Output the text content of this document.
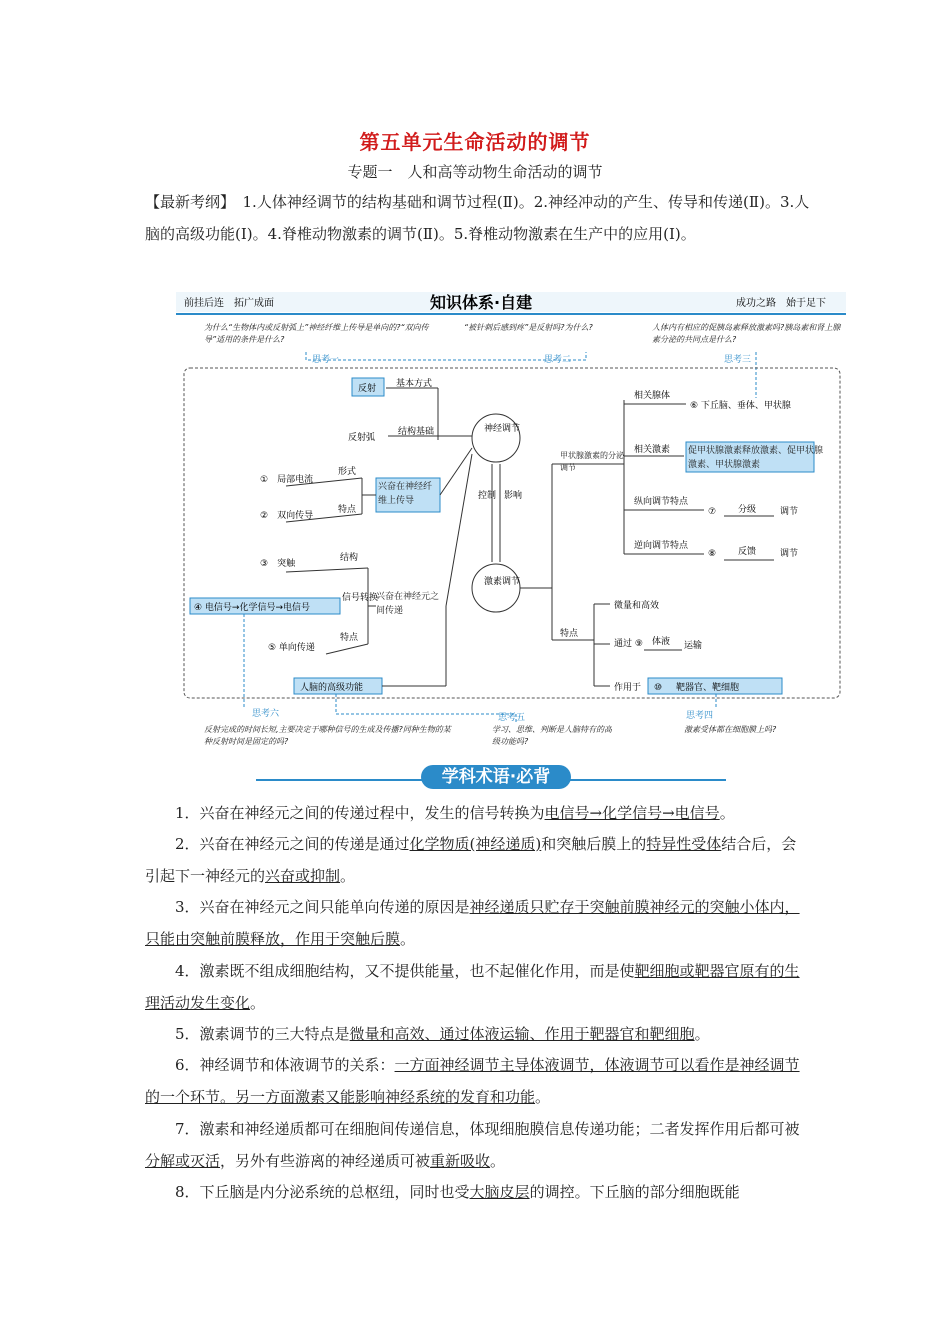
第五单元生命活动的调节
专题一　人和高等动物生命活动的调节
【最新考纲】　1.人体神经调节的结构基础和调节过程(Ⅱ)。2.神经冲动的产生、传导和传递(Ⅱ)。3.人脑的高级功能(Ⅰ)。4.脊椎动物激素的调节(Ⅱ)。5.脊椎动物激素在生产中的应用(Ⅰ)。
前挂后连　拓广成面	知识体系·自建	成功之路　始于足下
为什么“生物体内或反射弧上”神经纤维上传导是单向的?“双向传导”适用的条件是什么?
“被针刺后感到疼”是反射吗?为什么?	人体内有相应的促胰岛素释放激素吗?胰岛素和肾上腺素分泌的共同点是什么?
思考一	思考二	思考三
反射 基本方式
反射弧
结构基础	神经调节
激素调节
控制 影响
兴奋在神经纤维上传导
形式
特点
①　局部电流
②　双向传导
③　突触
结构
信号转换
特点
兴奋在神经元之间传递
④ 电信号→化学信号→电信号
⑤ 单向传递
人脑的高级功能
甲状腺激素的分泌调节
相关腺体
⑥ 下丘脑、垂体、甲状腺
相关激素 促甲状腺激素释放激素、促甲状腺激素、甲状腺激素
纵向调节特点
⑦ 分级	调节
逆向调节特点
⑧ 反馈	调节
特点
微量和高效
通过 ⑨ 体液 运输
作用于 ⑩ 靶器官、靶细胞
思考六	思考五	思考四
反射完成的时间长短,主要决定于哪种信号的生成及传播?同种生物的某种反射时间是固定的吗?
学习、思维、判断是人脑特有的高级功能吗?
激素受体都在细胞膜上吗?
学科术语·必背
1．兴奋在神经元之间的传递过程中，发生的信号转换为电信号→化学信号→电信号。
2．兴奋在神经元之间的传递是通过化学物质(神经递质)和突触后膜上的特异性受体结合后，会引起下一神经元的兴奋或抑制。
3．兴奋在神经元之间只能单向传递的原因是神经递质只贮存于突触前膜神经元的突触小体内，只能由突触前膜释放，作用于突触后膜。
4．激素既不组成细胞结构，又不提供能量，也不起催化作用，而是使靶细胞或靶器官原有的生理活动发生变化。
5．激素调节的三大特点是微量和高效、通过体液运输、作用于靶器官和靶细胞。
6．神经调节和体液调节的关系：一方面神经调节主导体液调节，体液调节可以看作是神经调节的一个环节。另一方面激素又能影响神经系统的发育和功能。
7．激素和神经递质都可在细胞间传递信息，体现细胞膜信息传递功能；二者发挥作用后都可被分解或灭活，另外有些游离的神经递质可被重新吸收。
8．下丘脑是内分泌系统的总枢纽，同时也受大脑皮层的调控。下丘脑的部分细胞既能
